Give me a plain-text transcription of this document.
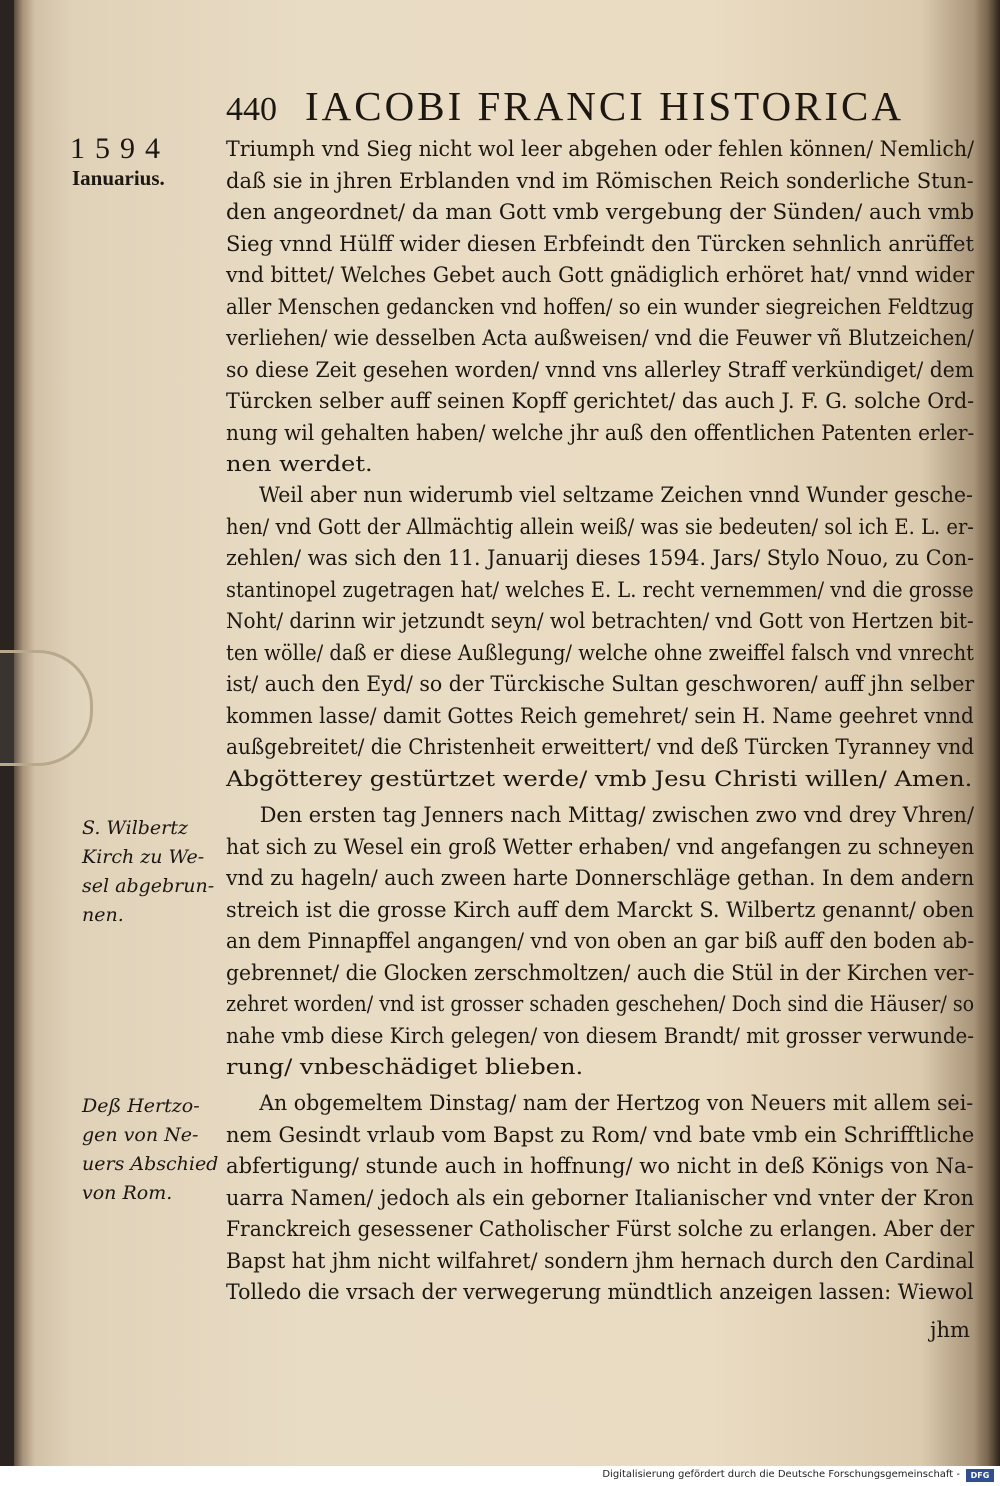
440 IACOBI FRANCI HISTORICA
1594
Ianuarius.
S. Wilbertz
Kirch zu We-
sel abgebrun-
nen.
Deß Hertzo-
gen von Ne-
uers Abschied
von Rom.
Triumph vnd Sieg nicht wol leer abgehen oder fehlen können/ Nemlich/
daß sie in jhren Erblanden vnd im Römischen Reich sonderliche Stun-
den angeordnet/ da man Gott vmb vergebung der Sünden/ auch vmb
Sieg vnnd Hülff wider diesen Erbfeindt den Türcken sehnlich anrüffet
vnd bittet/ Welches Gebet auch Gott gnädiglich erhöret hat/ vnnd wider
aller Menschen gedancken vnd hoffen/ so ein wunder siegreichen Feldtzug
verliehen/ wie desselben Acta außweisen/ vnd die Feuwer vñ Blutzeichen/
so diese Zeit gesehen worden/ vnnd vns allerley Straff verkündiget/ dem
Türcken selber auff seinen Kopff gerichtet/ das auch J. F. G. solche Ord-
nung wil gehalten haben/ welche jhr auß den offentlichen Patenten erler-
nen werdet.
Weil aber nun widerumb viel seltzame Zeichen vnnd Wunder gesche-
hen/ vnd Gott der Allmächtig allein weiß/ was sie bedeuten/ sol ich E. L. er-
zehlen/ was sich den 11. Januarij dieses 1594. Jars/ Stylo Nouo, zu Con-
stantinopel zugetragen hat/ welches E. L. recht vernemmen/ vnd die grosse
Noht/ darinn wir jetzundt seyn/ wol betrachten/ vnd Gott von Hertzen bit-
ten wölle/ daß er diese Außlegung/ welche ohne zweiffel falsch vnd vnrecht
ist/ auch den Eyd/ so der Türckische Sultan geschworen/ auff jhn selber
kommen lasse/ damit Gottes Reich gemehret/ sein H. Name geehret vnnd
außgebreitet/ die Christenheit erweittert/ vnd deß Türcken Tyranney vnd
Abgötterey gestürtzet werde/ vmb Jesu Christi willen/ Amen.
Den ersten tag Jenners nach Mittag/ zwischen zwo vnd drey Vhren/
hat sich zu Wesel ein groß Wetter erhaben/ vnd angefangen zu schneyen
vnd zu hageln/ auch zween harte Donnerschläge gethan. In dem andern
streich ist die grosse Kirch auff dem Marckt S. Wilbertz genannt/ oben
an dem Pinnapffel angangen/ vnd von oben an gar biß auff den boden ab-
gebrennet/ die Glocken zerschmoltzen/ auch die Stül in der Kirchen ver-
zehret worden/ vnd ist grosser schaden geschehen/ Doch sind die Häuser/ so
nahe vmb diese Kirch gelegen/ von diesem Brandt/ mit grosser verwunde-
rung/ vnbeschädiget blieben.
An obgemeltem Dinstag/ nam der Hertzog von Neuers mit allem sei-
nem Gesindt vrlaub vom Bapst zu Rom/ vnd bate vmb ein Schrifftliche
abfertigung/ stunde auch in hoffnung/ wo nicht in deß Königs von Na-
uarra Namen/ jedoch als ein geborner Italianischer vnd vnter der Kron
Franckreich gesessener Catholischer Fürst solche zu erlangen. Aber der
Bapst hat jhm nicht wilfahret/ sondern jhm hernach durch den Cardinal
Tolledo die vrsach der verwegerung mündtlich anzeigen lassen: Wiewol
jhm
Digitalisierung gefördert durch die Deutsche Forschungsgemeinschaft -	DFG
